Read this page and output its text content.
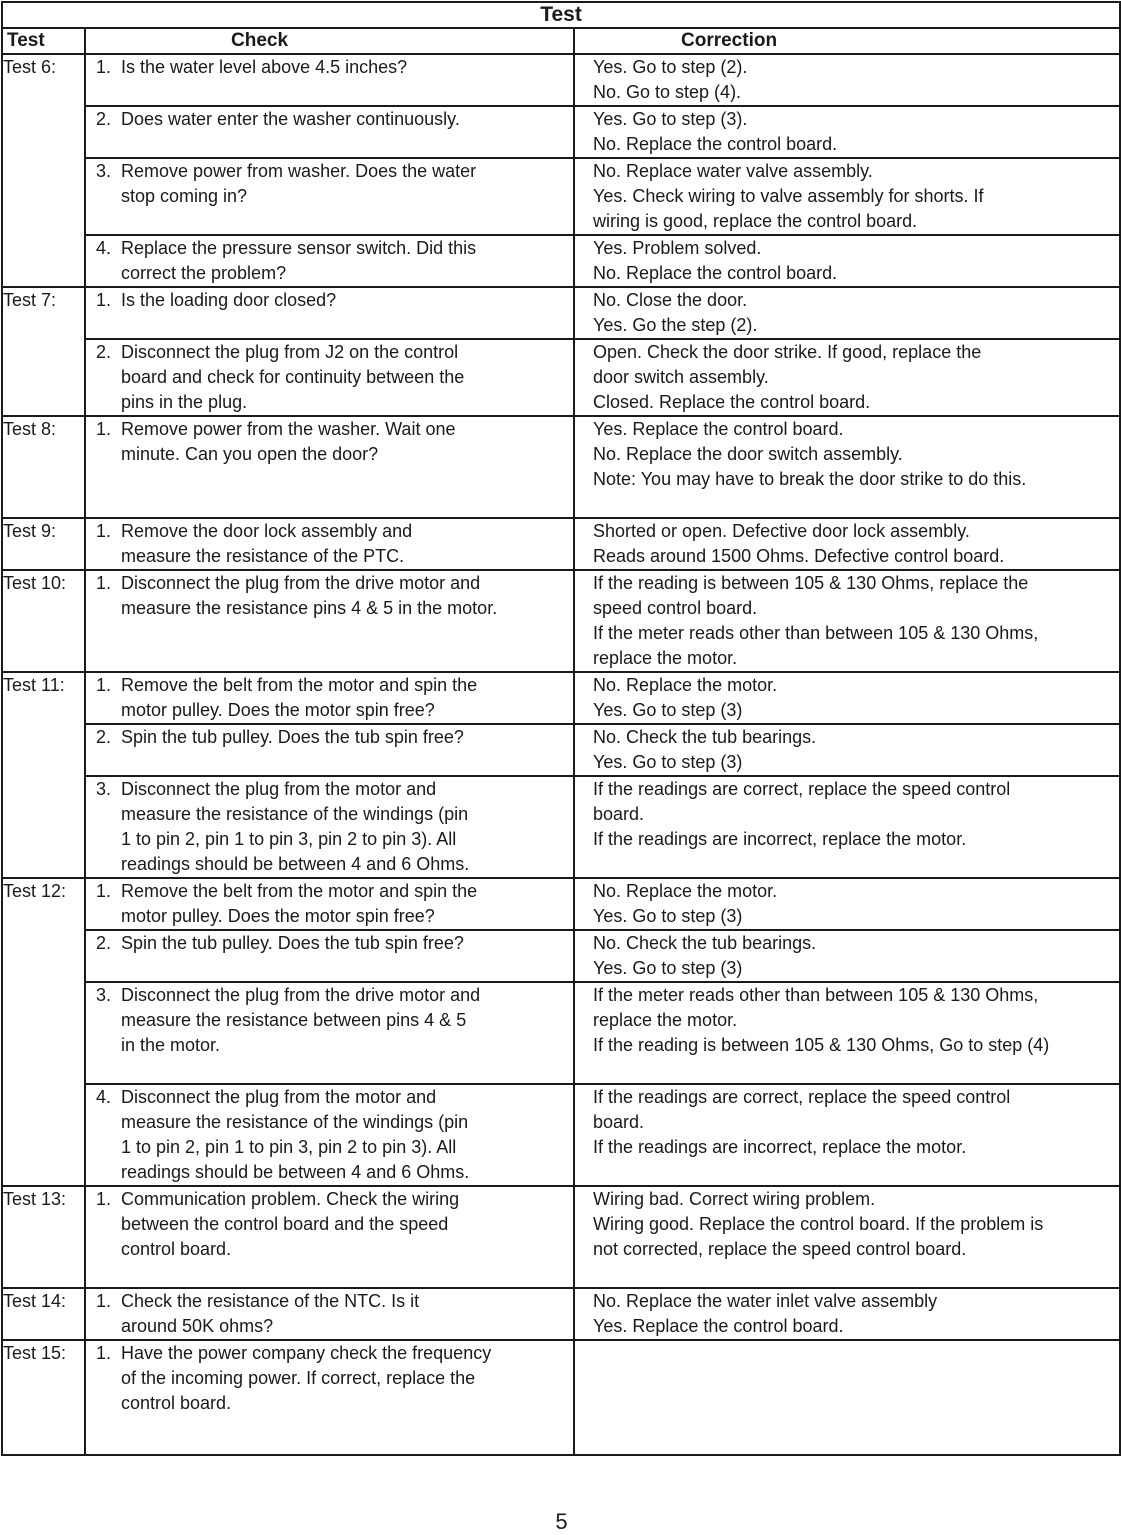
Test		
Test	Check	Correction
Test 6:	1. Is the water level above 4.5 inches?	Yes. Go to step (2).
No. Go to step (4).

	2. Does water enter the washer continuously.	Yes. Go to step (3).
No. Replace the control board.

	3. Remove power from washer. Does the water
stop coming in?	No. Replace water valve assembly.
Yes. Check wiring to valve assembly for shorts. If
wiring is good, replace the control board.

	4. Replace the pressure sensor switch. Did this
correct the problem?	Yes. Problem solved.
No. Replace the control board.

Test 7:	1. Is the loading door closed?	No. Close the door.
Yes. Go the step (2).

	2. Disconnect the plug from J2 on the control
board and check for continuity between the
pins in the plug.	Open. Check the door strike. If good, replace the
door switch assembly.
Closed. Replace the control board.

Test 8:	1. Remove power from the washer. Wait one
minute. Can you open the door?	Yes. Replace the control board.
No. Replace the door switch assembly.
Note: You may have to break the door strike to do this.

Test 9:	1. Remove the door lock assembly and
measure the resistance of the PTC.	Shorted or open. Defective door lock assembly.
Reads around 1500 Ohms. Defective control board.

Test 10:	1. Disconnect the plug from the drive motor and
measure the resistance pins 4 & 5 in the motor.	If the reading is between 105 & 130 Ohms, replace the
speed control board.
If the meter reads other than between 105 & 130 Ohms,
replace the motor.

Test 11:	1. Remove the belt from the motor and spin the
motor pulley. Does the motor spin free?	No. Replace the motor.
Yes. Go to step (3)

	2. Spin the tub pulley. Does the tub spin free?	No. Check the tub bearings.
Yes. Go to step (3)

	3. Disconnect the plug from the motor and
measure the resistance of the windings (pin
1 to pin 2, pin 1 to pin 3, pin 2 to pin 3). All
readings should be between 4 and 6 Ohms.	If the readings are correct, replace the speed control
board.
If the readings are incorrect, replace the motor.

Test 12:	1. Remove the belt from the motor and spin the
motor pulley. Does the motor spin free?	No. Replace the motor.
Yes. Go to step (3)

	2. Spin the tub pulley. Does the tub spin free?	No. Check the tub bearings.
Yes. Go to step (3)

	3. Disconnect the plug from the drive motor and
measure the resistance between pins 4 & 5
in the motor.	If the meter reads other than between 105 & 130 Ohms,
replace the motor.
If the reading is between 105 & 130 Ohms, Go to step (4)

	4. Disconnect the plug from the motor and
measure the resistance of the windings (pin
1 to pin 2, pin 1 to pin 3, pin 2 to pin 3). All
readings should be between 4 and 6 Ohms.	If the readings are correct, replace the speed control
board.
If the readings are incorrect, replace the motor.

Test 13:	1. Communication problem. Check the wiring
between the control board and the speed
control board.	Wiring bad. Correct wiring problem.
Wiring good. Replace the control board. If the problem is
not corrected, replace the speed control board.

Test 14:	1. Check the resistance of the NTC. Is it
around 50K ohms?	No. Replace the water inlet valve assembly
Yes. Replace the control board.

Test 15:	1. Have the power company check the frequency
of the incoming power. If correct, replace the
control board.	

5
